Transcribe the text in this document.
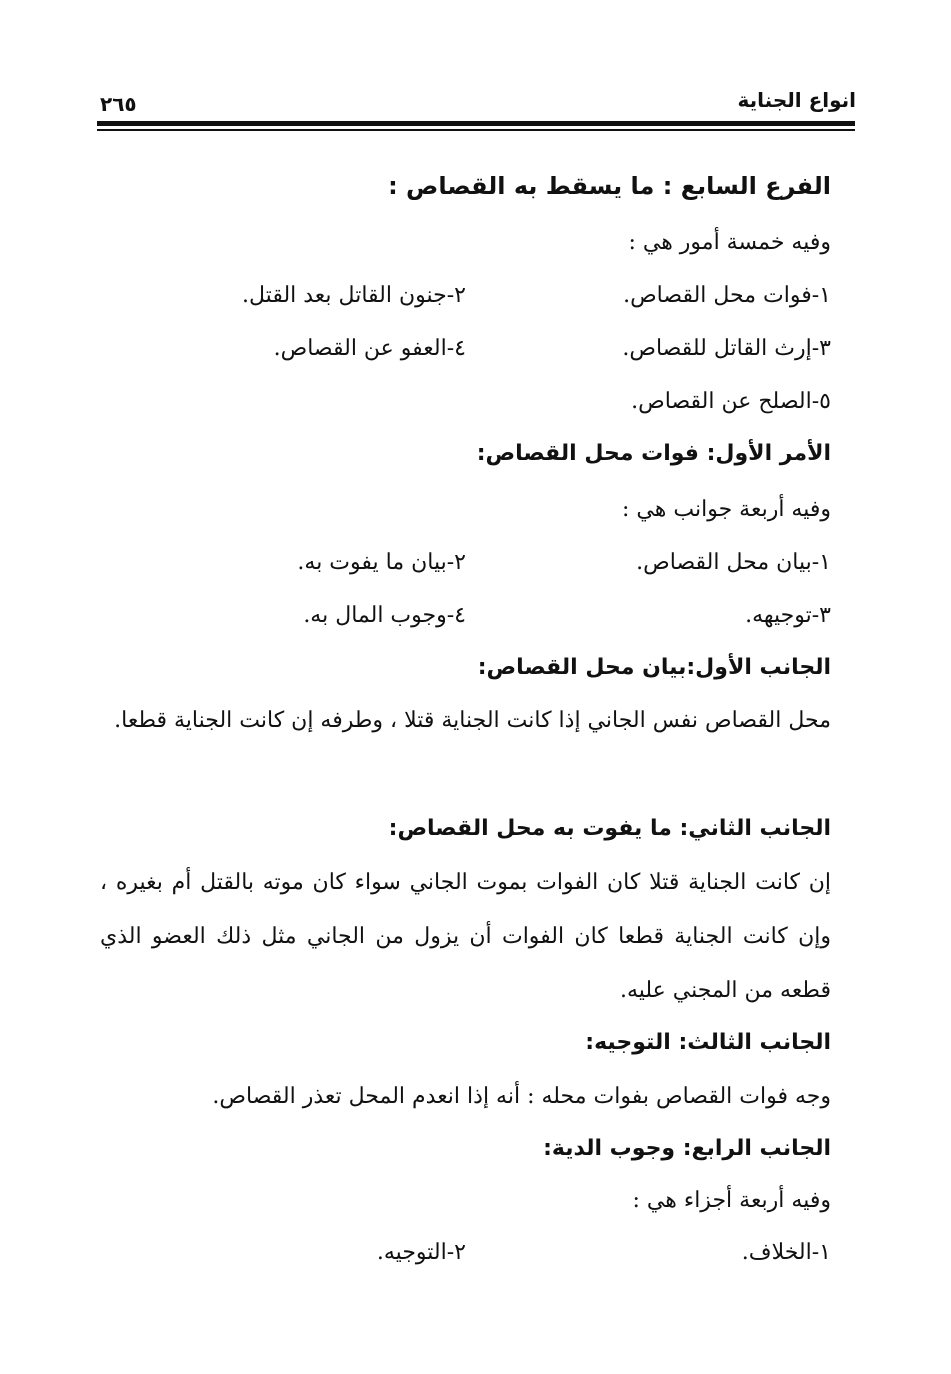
انواع الجناية
٢٦٥
الفرع السابع : ما يسقط به القصاص :
وفيه خمسة أمور هي :
١-فوات محل القصاص.
٢-جنون القاتل بعد القتل.
٣-إرث القاتل للقصاص.
٤-العفو عن القصاص.
٥-الصلح عن القصاص.
الأمر الأول: فوات محل القصاص:
وفيه أربعة جوانب هي :
١-بيان محل القصاص.
٢-بيان ما يفوت به.
٣-توجيهه.
٤-وجوب المال به.
الجانب الأول:بيان محل القصاص:
محل القصاص نفس الجاني إذا كانت الجناية قتلا ، وطرفه إن كانت الجناية قطعا.
الجانب الثاني: ما يفوت به محل القصاص:
إن كانت الجناية قتلا كان الفوات بموت الجاني سواء كان موته بالقتل أم بغيره ، وإن كانت الجناية قطعا كان الفوات أن يزول من الجاني مثل ذلك العضو الذي قطعه من المجني عليه.
الجانب الثالث: التوجيه:
وجه فوات القصاص بفوات محله : أنه إذا انعدم المحل تعذر القصاص.
الجانب الرابع: وجوب الدية:
وفيه أربعة أجزاء هي :
١-الخلاف.
٢-التوجيه.
